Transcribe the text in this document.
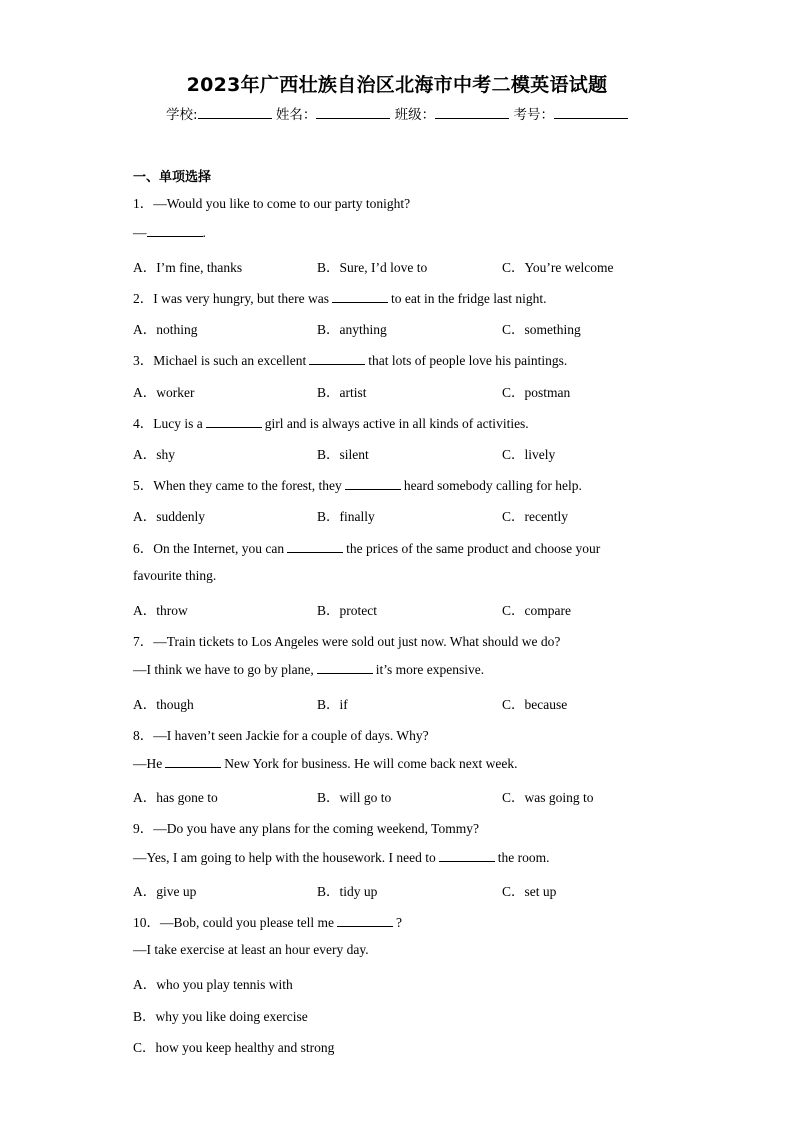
2023年广西壮族自治区北海市中考二模英语试题
学校:	姓名：	班级：	考号：
一、单项选择
1．—Would you like to come to our party tonight?
—	.
A．I’m fine, thanks	B．Sure, I’d love to	C．You’re welcome
2．I was very hungry, but there was	to eat in the fridge last night.
A．nothing	B．anything	C．something
3．Michael is such an excellent	that lots of people love his paintings.
A．worker	B．artist	C．postman
4．Lucy is a	girl and is always active in all kinds of activities.
A．shy	B．silent	C．lively
5．When they came to the forest, they	heard somebody calling for help.
A．suddenly	B．finally	C．recently
6．On the Internet, you can	the prices of the same product and choose your
favourite thing.
A．throw	B．protect	C．compare
7．—Train tickets to Los Angeles were sold out just now. What should we do?
—I think we have to go by plane,	it’s more expensive.
A．though	B．if	C．because
8．—I haven’t seen Jackie for a couple of days. Why?
—He	New York for business. He will come back next week.
A．has gone to	B．will go to	C．was going to
9．—Do you have any plans for the coming weekend, Tommy?
—Yes, I am going to help with the housework. I need to	the room.
A．give up	B．tidy up	C．set up
10．—Bob, could you please tell me	?
—I take exercise at least an hour every day.
A．who you play tennis with
B．why you like doing exercise
C．how you keep healthy and strong
